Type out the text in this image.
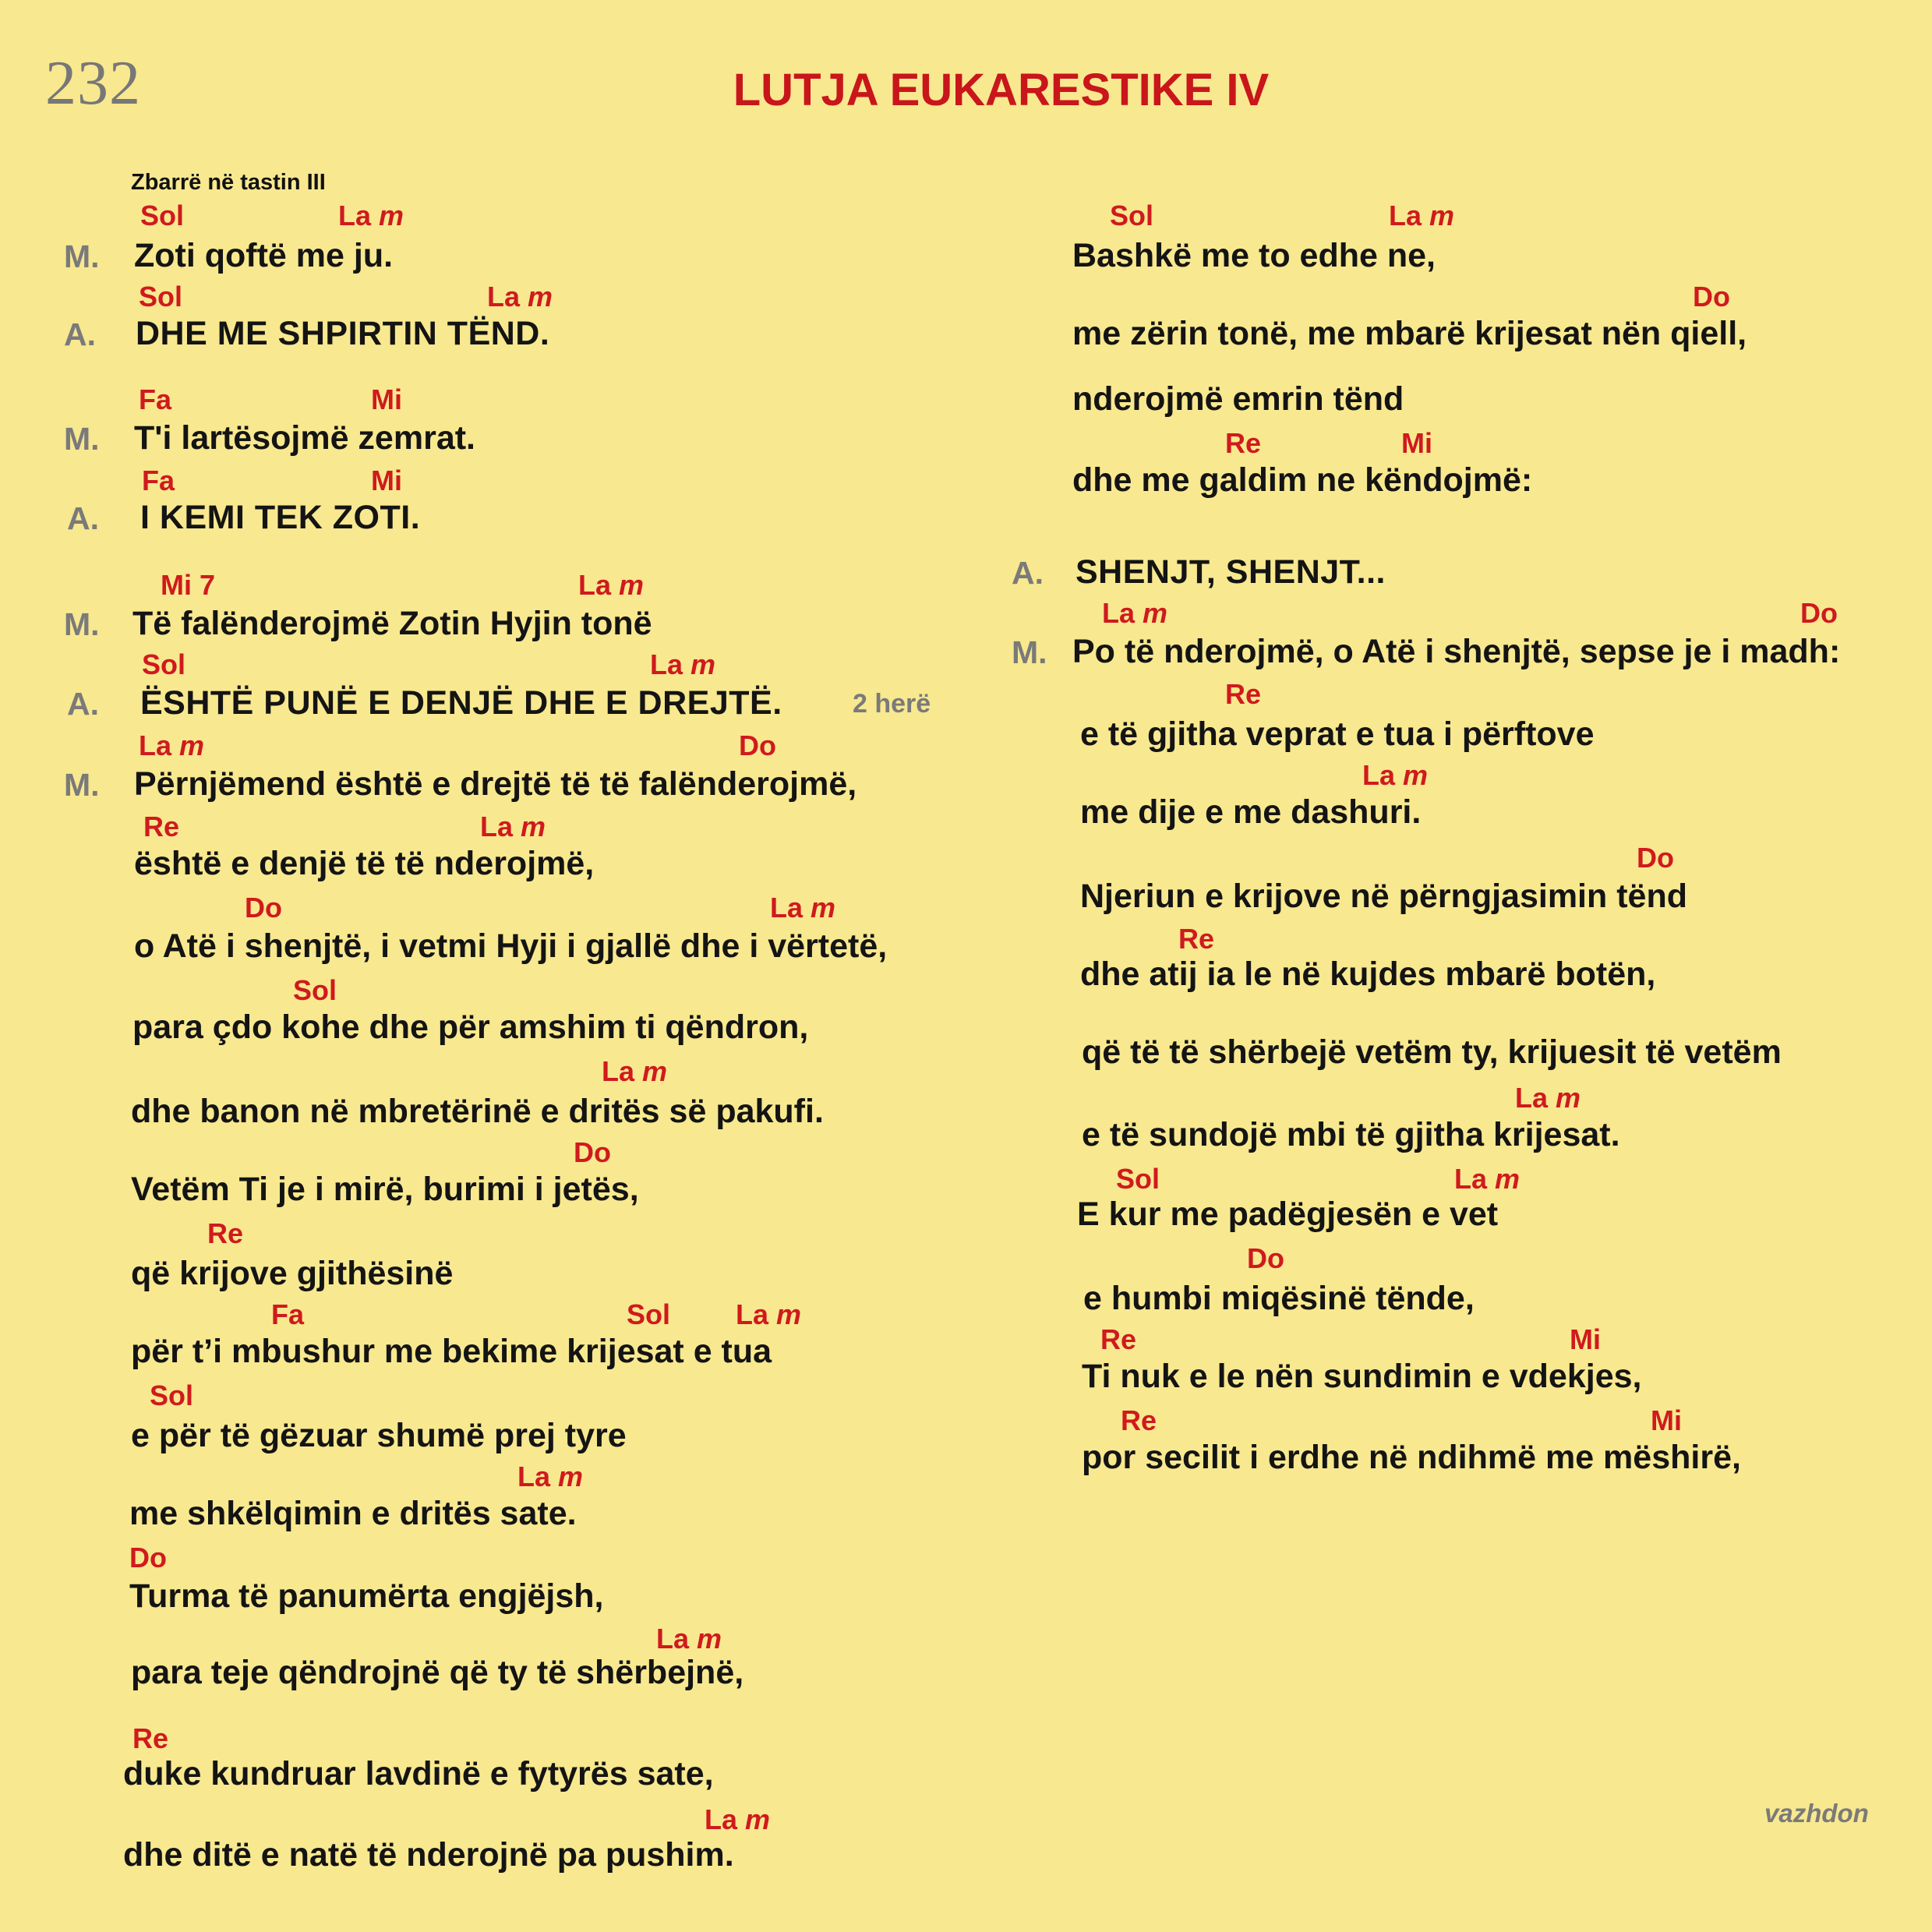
232	LUTJA EUKARESTIKE IV
Zbarrë në tastin III
Sol	La m
M. Zoti qoftë me ju.
Sol	La m
A. DHE ME SHPIRTIN TËND.
Fa	Mi
M. T'i lartësojmë zemrat.
Fa	Mi
A. I KEMI TEK ZOTI.
Mi 7	La m
M. Të falënderojmë Zotin Hyjin tonë
Sol	La m
A. ËSHTË PUNË E DENJË DHE E DREJTË.	2 herë
La m	Do
M. Përnjëmend është e drejtë të të falënderojmë,
Re	La m
është e denjë të të nderojmë,
Do	La m
o Atë i shenjtë, i vetmi Hyji i gjallë dhe i vërtetë,
Sol
para çdo kohe dhe për amshim ti qëndron,
La m
dhe banon në mbretërinë e dritës së pakufi.
Do
Vetëm Ti je i mirë, burimi i jetës,
Re
që krijove gjithësinë
Fa	Sol La m
për t’i mbushur me bekime krijesat e tua
Sol
e për të gëzuar shumë prej tyre
La m
me shkëlqimin e dritës sate.
Do
Turma të panumërta engjëjsh,
La m
para teje qëndrojnë që ty të shërbejnë,
Re
duke kundruar lavdinë e fytyrës sate,
La m
dhe ditë e natë të nderojnë pa pushim.
Sol	La m
Bashkë me to edhe ne,
Do
me zërin tonë, me mbarë krijesat nën qiell,
nderojmë emrin tënd
Re	Mi
dhe me galdim ne këndojmë:
A. SHENJT, SHENJT...
La m	Do
M. Po të nderojmë, o Atë i shenjtë, sepse je i madh:
Re
e të gjitha veprat e tua i përftove
La m
me dije e me dashuri.
Do
Njeriun e krijove në përngjasimin tënd
Re
dhe atij ia le në kujdes mbarë botën,
që të të shërbejë vetëm ty, krijuesit të vetëm
La m
e të sundojë mbi të gjitha krijesat.
Sol	La m
E kur me padëgjesën e vet
Do
e humbi miqësinë tënde,
Re	Mi
Ti nuk e le nën sundimin e vdekjes,
Re	Mi
por secilit i erdhe në ndihmë me mëshirë,
vazhdon
